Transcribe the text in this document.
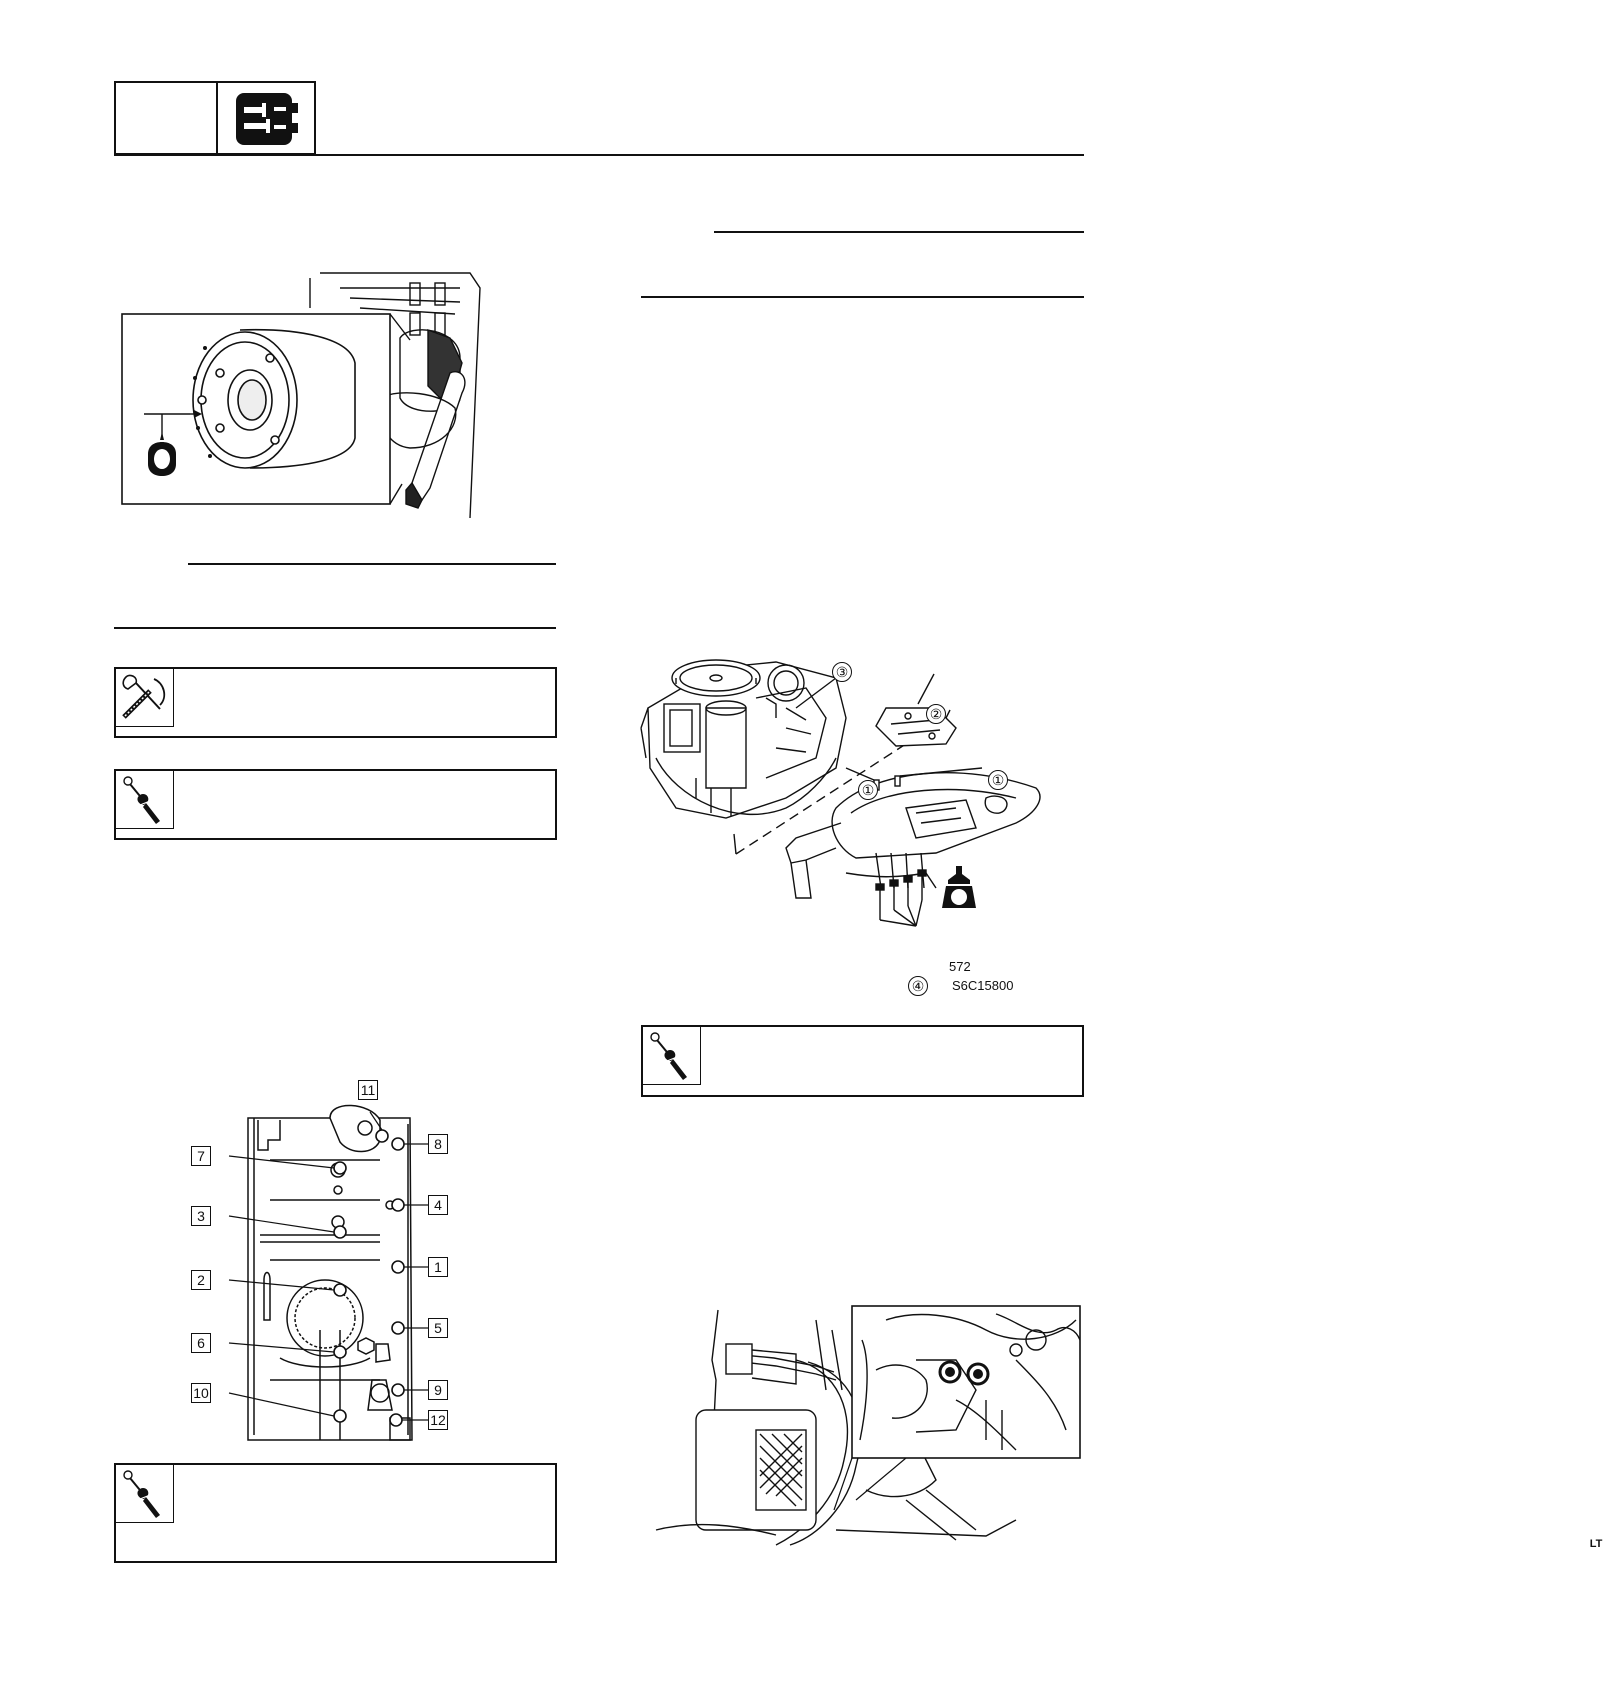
11
8
7
4
3
1
2
5
6
9
10
12
③
②
①
①
④
LT
572
S6C15800
